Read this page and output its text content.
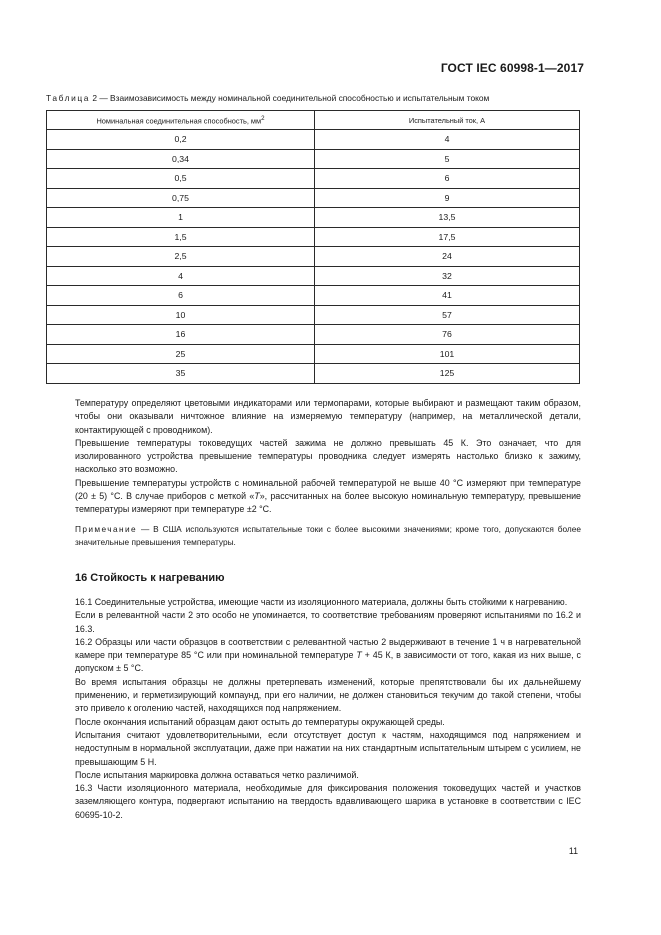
ГОСТ IEC 60998-1—2017
Таблица 2 — Взаимозависимость между номинальной соединительной способностью и испытательным током
Номинальная соединительная способность, $мм^2$	Испытательный ток, А
0,2	4
0,34	5
0,5	6
0,75	9
1	13,5
1,5	17,5
2,5	24
4	32
6	41
10	57
16	76
25	101
35	125

Температуру определяют цветовыми индикаторами или термопарами, которые выбирают и размещают таким образом, чтобы они оказывали ничтожное влияние на измеряемую температуру (например, на металлической детали, контактирующей с проводником).

Превышение температуры токоведущих частей зажима не должно превышать 45 К. Это означает, что для изолированного устройства превышение температуры проводника следует измерять настолько близко к зажиму, насколько это возможно.

Превышение температуры устройств с номинальной рабочей температурой не выше 40 °С измеряют при температуре (20 ± 5) °С. В случае приборов с меткой «Т», рассчитанных на более высокую номинальную температуру, превышение температуры измеряют при температуре ±2 °С.

Примечание — В США используются испытательные токи с более высокими значениями; кроме того, допускаются более значительные превышения температуры.

16 Стойкость к нагреванию

16.1 Соединительные устройства, имеющие части из изоляционного материала, должны быть стойкими к нагреванию.

Если в релевантной части 2 это особо не упоминается, то соответствие требованиям проверяют испытаниями по 16.2 и 16.3.

16.2 Образцы или части образцов в соответствии с релевантной частью 2 выдерживают в течение 1 ч в нагревательной камере при температуре 85 °С или при номинальной температуре Т + 45 К, в зависимости от того, какая из них выше, с допуском ± 5 °С.

Во время испытания образцы не должны претерпевать изменений, которые препятствовали бы их дальнейшему применению, и герметизирующий компаунд, при его наличии, не должен становиться текучим до такой степени, чтобы это привело к оголению частей, находящихся под напряжением.

После окончания испытаний образцам дают остыть до температуры окружающей среды.

Испытания считают удовлетворительными, если отсутствует доступ к частям, находящимся под напряжением и недоступным в нормальной эксплуатации, даже при нажатии на них стандартным испытательным штырем с усилием, не превышающим 5 Н.

После испытания маркировка должна оставаться четко различимой.

16.3 Части изоляционного материала, необходимые для фиксирования положения токоведущих частей и участков заземляющего контура, подвергают испытанию на твердость вдавливающего шарика в установке в соответствии с IEC 60695-10-2.

11
